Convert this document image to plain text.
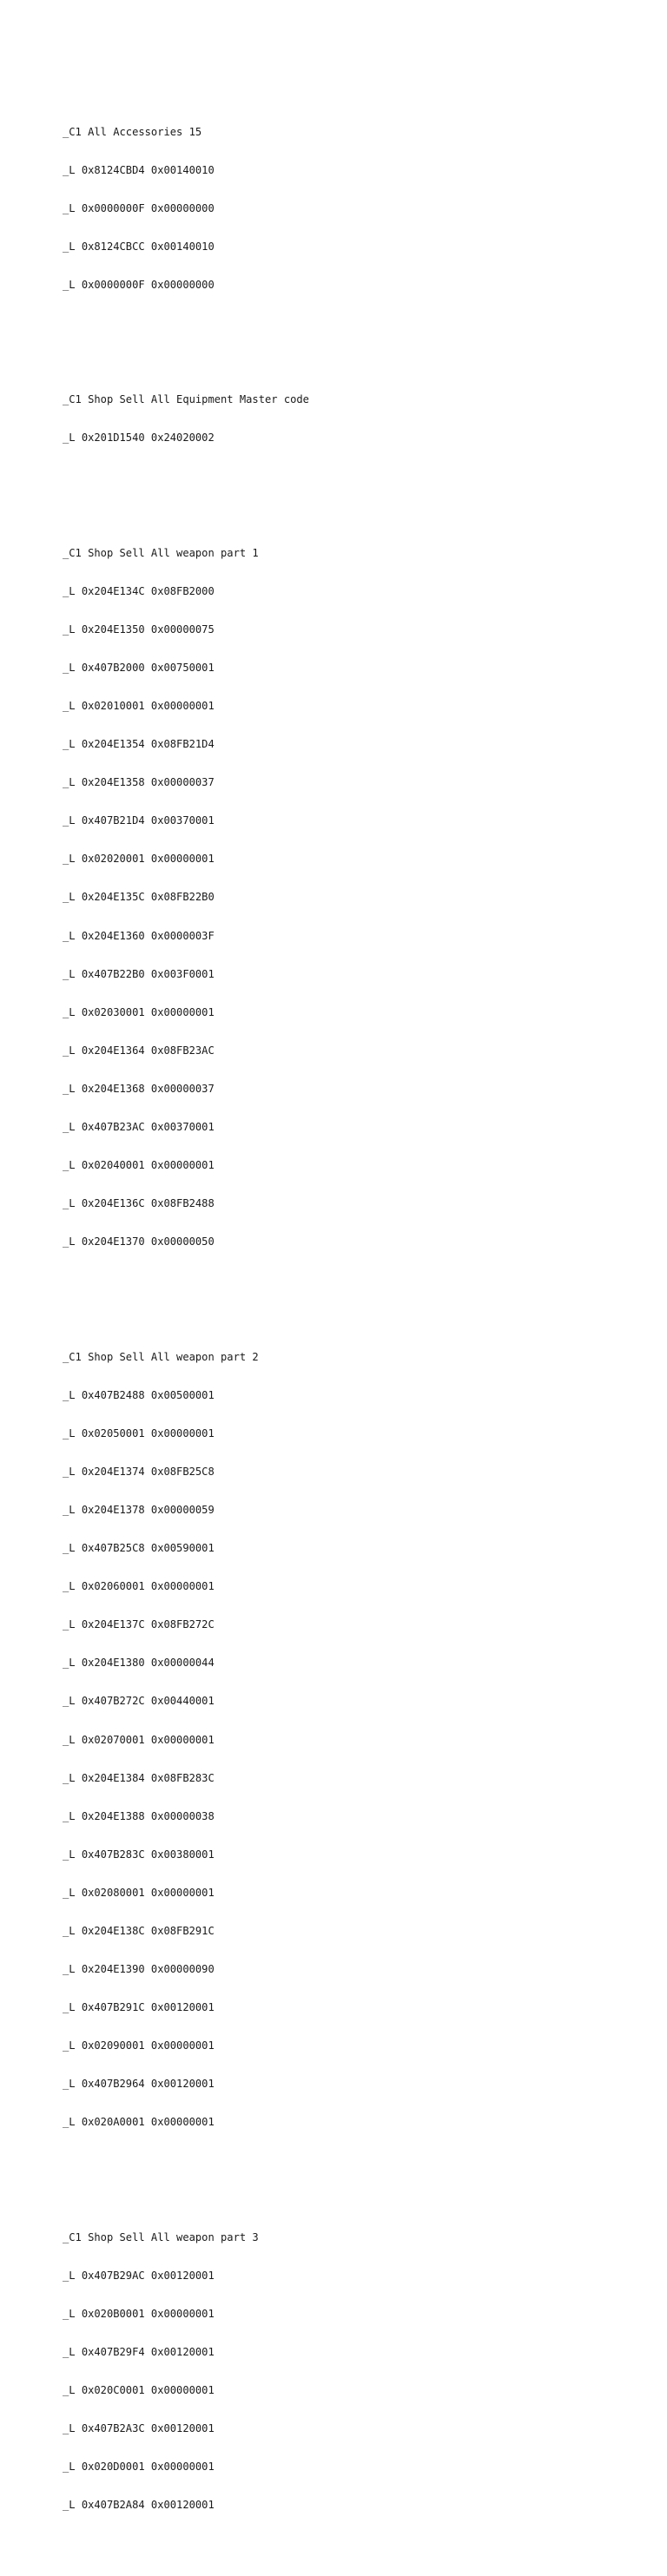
_C1 All Accessories 15

_L 0x8124CBD4 0x00140010

_L 0x0000000F 0x00000000

_L 0x8124CBCC 0x00140010

_L 0x0000000F 0x00000000

_C1 Shop Sell All Equipment Master code

_L 0x201D1540 0x24020002

_C1 Shop Sell All weapon part 1

_L 0x204E134C 0x08FB2000

_L 0x204E1350 0x00000075

_L 0x407B2000 0x00750001

_L 0x02010001 0x00000001

_L 0x204E1354 0x08FB21D4

_L 0x204E1358 0x00000037

_L 0x407B21D4 0x00370001

_L 0x02020001 0x00000001

_L 0x204E135C 0x08FB22B0

_L 0x204E1360 0x0000003F

_L 0x407B22B0 0x003F0001

_L 0x02030001 0x00000001

_L 0x204E1364 0x08FB23AC

_L 0x204E1368 0x00000037

_L 0x407B23AC 0x00370001

_L 0x02040001 0x00000001

_L 0x204E136C 0x08FB2488

_L 0x204E1370 0x00000050

_C1 Shop Sell All weapon part 2

_L 0x407B2488 0x00500001

_L 0x02050001 0x00000001

_L 0x204E1374 0x08FB25C8

_L 0x204E1378 0x00000059

_L 0x407B25C8 0x00590001

_L 0x02060001 0x00000001

_L 0x204E137C 0x08FB272C

_L 0x204E1380 0x00000044

_L 0x407B272C 0x00440001

_L 0x02070001 0x00000001

_L 0x204E1384 0x08FB283C

_L 0x204E1388 0x00000038

_L 0x407B283C 0x00380001

_L 0x02080001 0x00000001

_L 0x204E138C 0x08FB291C

_L 0x204E1390 0x00000090

_L 0x407B291C 0x00120001

_L 0x02090001 0x00000001

_L 0x407B2964 0x00120001

_L 0x020A0001 0x00000001

_C1 Shop Sell All weapon part 3

_L 0x407B29AC 0x00120001

_L 0x020B0001 0x00000001

_L 0x407B29F4 0x00120001

_L 0x020C0001 0x00000001

_L 0x407B2A3C 0x00120001

_L 0x020D0001 0x00000001

_L 0x407B2A84 0x00120001
